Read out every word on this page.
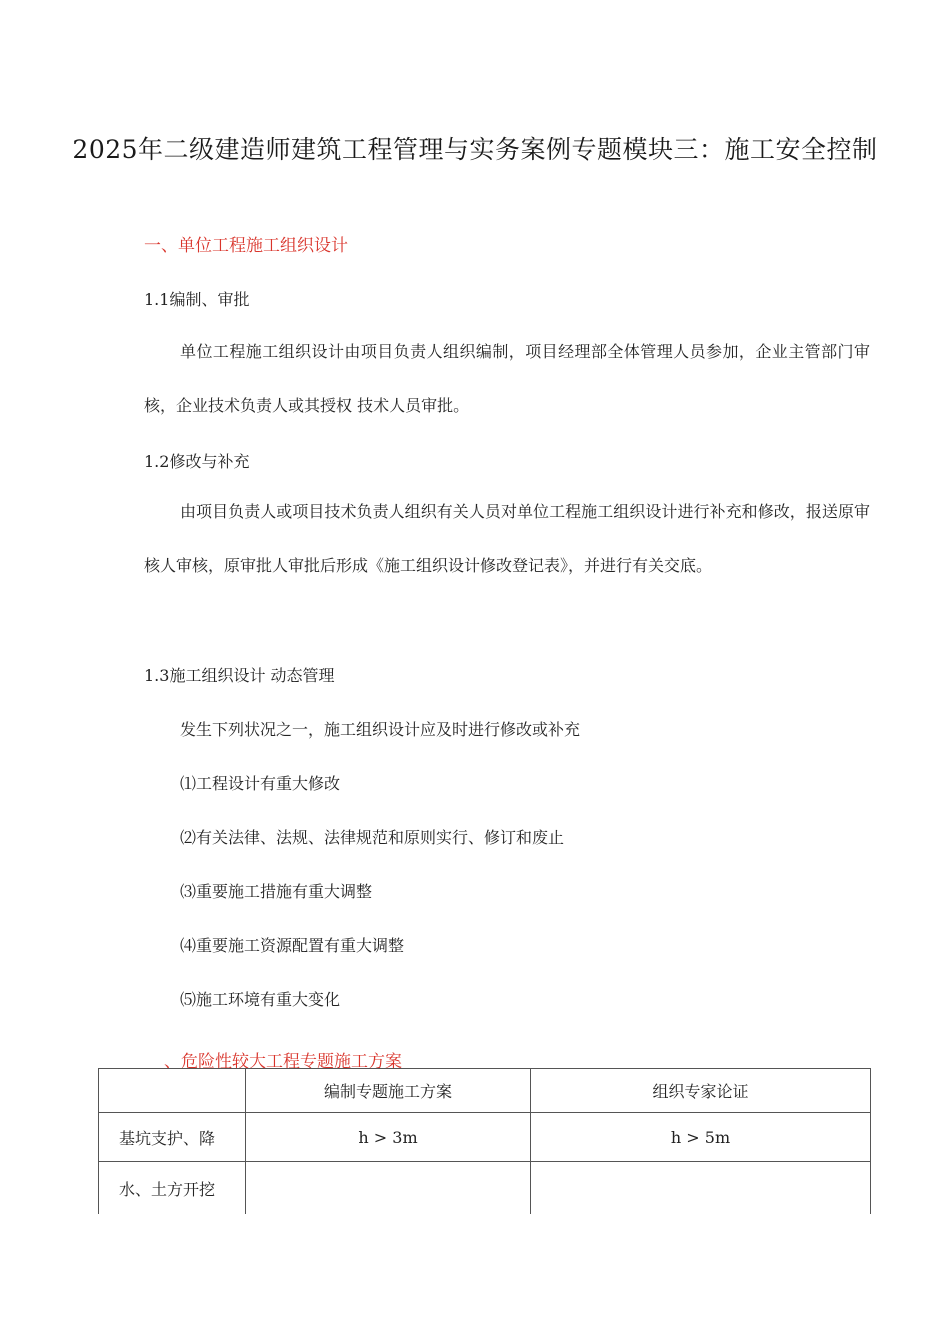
2025年二级建造师建筑工程管理与实务案例专题模块三：施工安全控制
一、单位工程施工组织设计
1.1编制、审批
单位工程施工组织设计由项目负责人组织编制，项目经理部全体管理人员参加，企业主管部门审核，企业技术负责人或其授权 技术人员审批。
1.2修改与补充
由项目负责人或项目技术负责人组织有关人员对单位工程施工组织设计进行补充和修改，报送原审核人审核，原审批人审批后形成《施工组织设计修改登记表》，并进行有关交底。
1.3施工组织设计 动态管理
发生下列状况之一，施工组织设计应及时进行修改或补充
⑴工程设计有重大修改
⑵有关法律、法规、法律规范和原则实行、修订和废止
⑶重要施工措施有重大调整
⑷重要施工资源配置有重大调整
⑸施工环境有重大变化
、危险性较大工程专题施工方案
	编制专题施工方案	组织专家论证
基坑支护、降	h > 3m	h > 5m
水、土方开挖		
